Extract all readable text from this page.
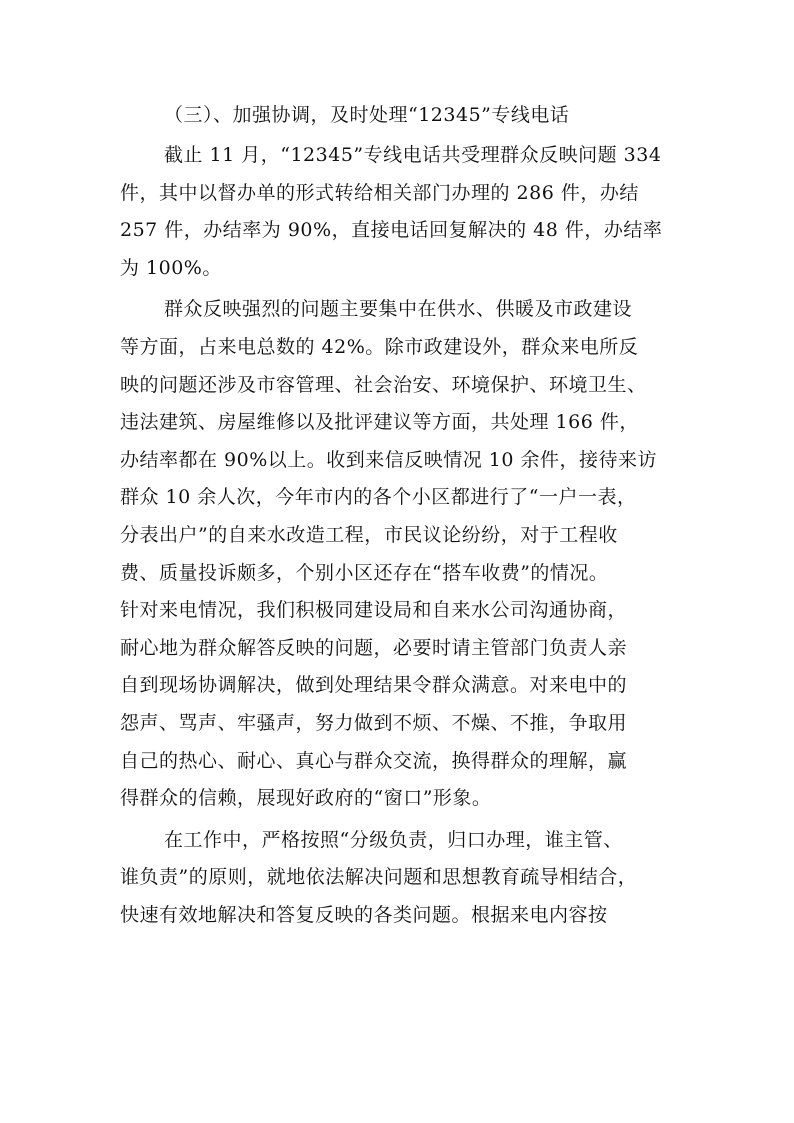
（三）、加强协调，及时处理“12345”专线电话

截止 11 月，“12345”专线电话共受理群众反映问题 334
件，其中以督办单的形式转给相关部门办理的 286 件，办结
257 件，办结率为 90%，直接电话回复解决的 48 件，办结率
为 100%。
群众反映强烈的问题主要集中在供水、供暖及市政建设
等方面，占来电总数的 42%。除市政建设外，群众来电所反
映的问题还涉及市容管理、社会治安、环境保护、环境卫生、
违法建筑、房屋维修以及批评建议等方面，共处理 166 件，
办结率都在 90%以上。收到来信反映情况 10 余件，接待来访
群众 10 余人次，今年市内的各个小区都进行了“一户一表，
分表出户”的自来水改造工程，市民议论纷纷，对于工程收
费、质量投诉颇多，个别小区还存在“搭车收费”的情况。
针对来电情况，我们积极同建设局和自来水公司沟通协商，
耐心地为群众解答反映的问题，必要时请主管部门负责人亲
自到现场协调解决，做到处理结果令群众满意。对来电中的
怨声、骂声、牢骚声，努力做到不烦、不燥、不推，争取用
自己的热心、耐心、真心与群众交流，换得群众的理解，赢
得群众的信赖，展现好政府的“窗口”形象。
在工作中，严格按照“分级负责，归口办理，谁主管、
谁负责”的原则，就地依法解决问题和思想教育疏导相结合，
快速有效地解决和答复反映的各类问题。根据来电内容按
